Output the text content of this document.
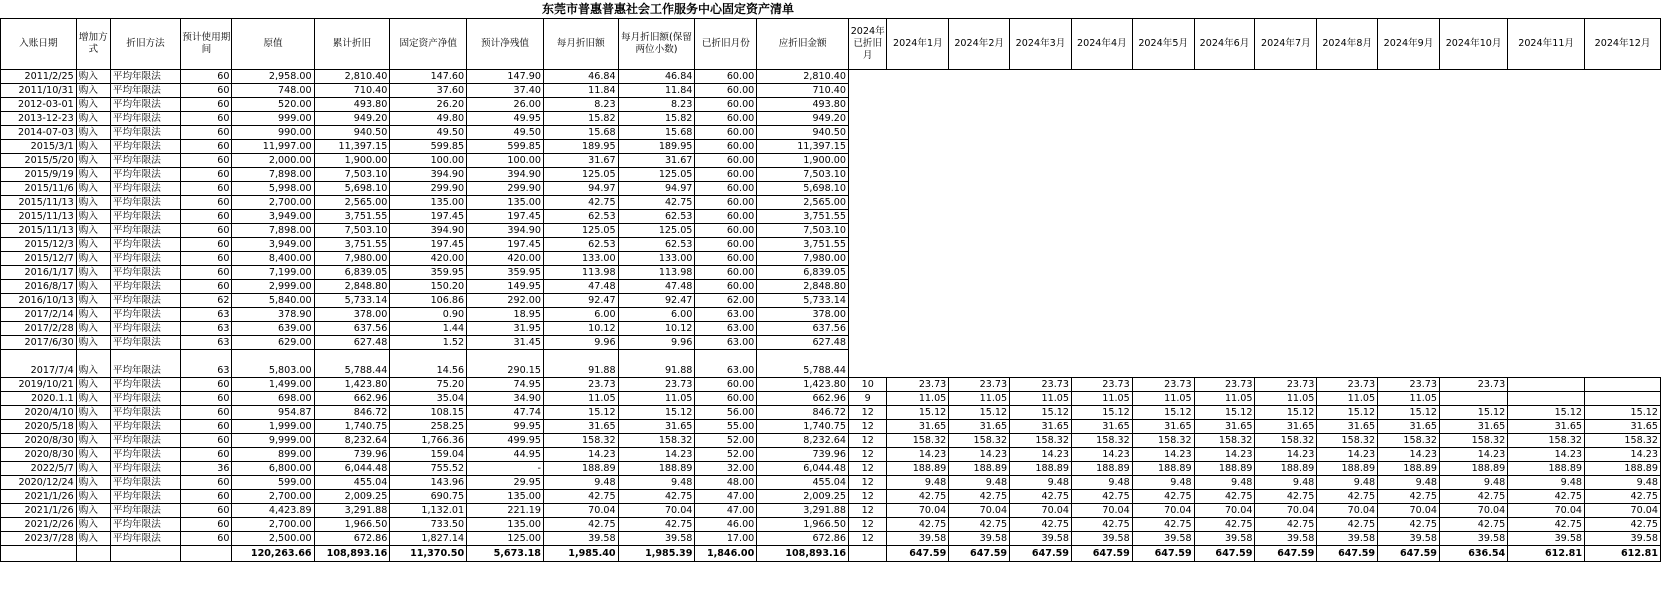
东莞市普惠普惠社会工作服务中心固定资产清单
入账日期	增加方式	折旧方法	预计使用期间	原值	累计折旧	固定资产净值	预计净残值	每月折旧额	每月折旧额(保留两位小数)	已折旧月份	应折旧金额	2024年已折旧月	2024年1月	2024年2月	2024年3月	2024年4月	2024年5月	2024年6月	2024年7月	2024年8月	2024年9月	2024年10月	2024年11月	2024年12月
2011/2/25	购入	平均年限法	60	2,958.00	2,810.40	147.60	147.90	46.84	46.84	60.00	2,810.40													
2011/10/31	购入	平均年限法	60	748.00	710.40	37.60	37.40	11.84	11.84	60.00	710.40													
2012-03-01	购入	平均年限法	60	520.00	493.80	26.20	26.00	8.23	8.23	60.00	493.80													
2013-12-23	购入	平均年限法	60	999.00	949.20	49.80	49.95	15.82	15.82	60.00	949.20													
2014-07-03	购入	平均年限法	60	990.00	940.50	49.50	49.50	15.68	15.68	60.00	940.50													
2015/3/1	购入	平均年限法	60	11,997.00	11,397.15	599.85	599.85	189.95	189.95	60.00	11,397.15													
2015/5/20	购入	平均年限法	60	2,000.00	1,900.00	100.00	100.00	31.67	31.67	60.00	1,900.00													
2015/9/19	购入	平均年限法	60	7,898.00	7,503.10	394.90	394.90	125.05	125.05	60.00	7,503.10													
2015/11/6	购入	平均年限法	60	5,998.00	5,698.10	299.90	299.90	94.97	94.97	60.00	5,698.10													
2015/11/13	购入	平均年限法	60	2,700.00	2,565.00	135.00	135.00	42.75	42.75	60.00	2,565.00													
2015/11/13	购入	平均年限法	60	3,949.00	3,751.55	197.45	197.45	62.53	62.53	60.00	3,751.55													
2015/11/13	购入	平均年限法	60	7,898.00	7,503.10	394.90	394.90	125.05	125.05	60.00	7,503.10													
2015/12/3	购入	平均年限法	60	3,949.00	3,751.55	197.45	197.45	62.53	62.53	60.00	3,751.55													
2015/12/7	购入	平均年限法	60	8,400.00	7,980.00	420.00	420.00	133.00	133.00	60.00	7,980.00													
2016/1/17	购入	平均年限法	60	7,199.00	6,839.05	359.95	359.95	113.98	113.98	60.00	6,839.05													
2016/8/17	购入	平均年限法	60	2,999.00	2,848.80	150.20	149.95	47.48	47.48	60.00	2,848.80													
2016/10/13	购入	平均年限法	62	5,840.00	5,733.14	106.86	292.00	92.47	92.47	62.00	5,733.14													
2017/2/14	购入	平均年限法	63	378.90	378.00	0.90	18.95	6.00	6.00	63.00	378.00													
2017/2/28	购入	平均年限法	63	639.00	637.56	1.44	31.95	10.12	10.12	63.00	637.56													
2017/6/30	购入	平均年限法	63	629.00	627.48	1.52	31.45	9.96	9.96	63.00	627.48													
2017/7/4	购入	平均年限法	63	5,803.00	5,788.44	14.56	290.15	91.88	91.88	63.00	5,788.44													
2019/10/21	购入	平均年限法	60	1,499.00	1,423.80	75.20	74.95	23.73	23.73	60.00	1,423.80	10	23.73	23.73	23.73	23.73	23.73	23.73	23.73	23.73	23.73	23.73		
2020.1.1	购入	平均年限法	60	698.00	662.96	35.04	34.90	11.05	11.05	60.00	662.96	9	11.05	11.05	11.05	11.05	11.05	11.05	11.05	11.05	11.05			
2020/4/10	购入	平均年限法	60	954.87	846.72	108.15	47.74	15.12	15.12	56.00	846.72	12	15.12	15.12	15.12	15.12	15.12	15.12	15.12	15.12	15.12	15.12	15.12	15.12
2020/5/18	购入	平均年限法	60	1,999.00	1,740.75	258.25	99.95	31.65	31.65	55.00	1,740.75	12	31.65	31.65	31.65	31.65	31.65	31.65	31.65	31.65	31.65	31.65	31.65	31.65
2020/8/30	购入	平均年限法	60	9,999.00	8,232.64	1,766.36	499.95	158.32	158.32	52.00	8,232.64	12	158.32	158.32	158.32	158.32	158.32	158.32	158.32	158.32	158.32	158.32	158.32	158.32
2020/8/30	购入	平均年限法	60	899.00	739.96	159.04	44.95	14.23	14.23	52.00	739.96	12	14.23	14.23	14.23	14.23	14.23	14.23	14.23	14.23	14.23	14.23	14.23	14.23
2022/5/7	购入	平均年限法	36	6,800.00	6,044.48	755.52	-	188.89	188.89	32.00	6,044.48	12	188.89	188.89	188.89	188.89	188.89	188.89	188.89	188.89	188.89	188.89	188.89	188.89
2020/12/24	购入	平均年限法	60	599.00	455.04	143.96	29.95	9.48	9.48	48.00	455.04	12	9.48	9.48	9.48	9.48	9.48	9.48	9.48	9.48	9.48	9.48	9.48	9.48
2021/1/26	购入	平均年限法	60	2,700.00	2,009.25	690.75	135.00	42.75	42.75	47.00	2,009.25	12	42.75	42.75	42.75	42.75	42.75	42.75	42.75	42.75	42.75	42.75	42.75	42.75
2021/1/26	购入	平均年限法	60	4,423.89	3,291.88	1,132.01	221.19	70.04	70.04	47.00	3,291.88	12	70.04	70.04	70.04	70.04	70.04	70.04	70.04	70.04	70.04	70.04	70.04	70.04
2021/2/26	购入	平均年限法	60	2,700.00	1,966.50	733.50	135.00	42.75	42.75	46.00	1,966.50	12	42.75	42.75	42.75	42.75	42.75	42.75	42.75	42.75	42.75	42.75	42.75	42.75
2023/7/28	购入	平均年限法	60	2,500.00	672.86	1,827.14	125.00	39.58	39.58	17.00	672.86	12	39.58	39.58	39.58	39.58	39.58	39.58	39.58	39.58	39.58	39.58	39.58	39.58
				120,263.66	108,893.16	11,370.50	5,673.18	1,985.40	1,985.39	1,846.00	108,893.16		647.59	647.59	647.59	647.59	647.59	647.59	647.59	647.59	647.59	636.54	612.81	612.81
